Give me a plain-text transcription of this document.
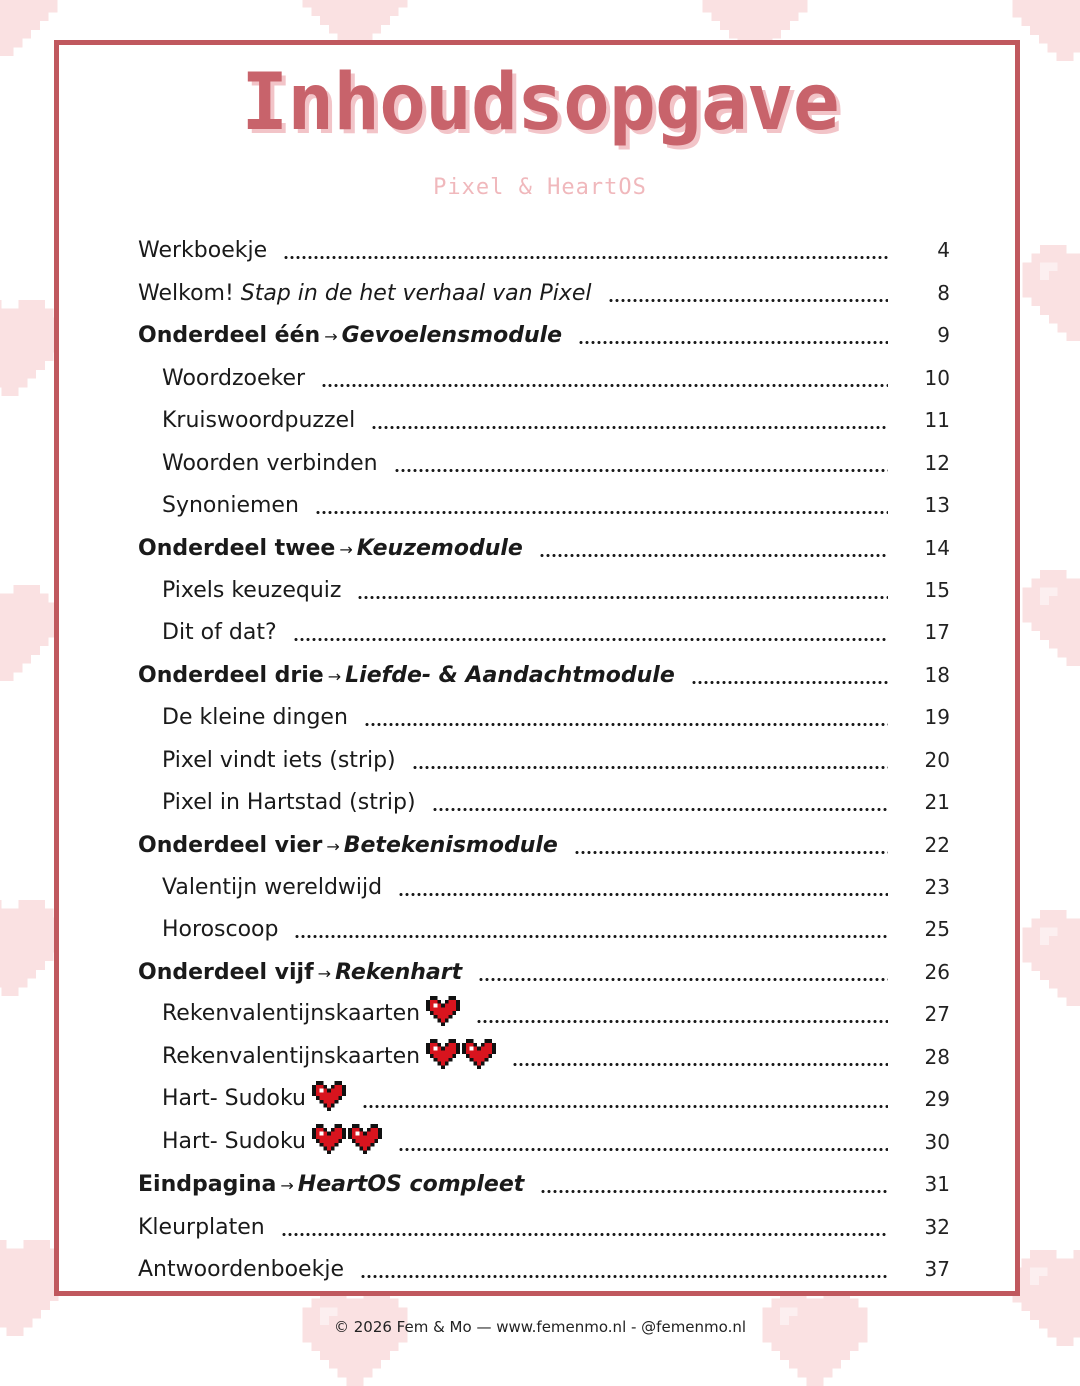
Inhoudsopgave
Pixel & HeartOS
Werkboekje	4
Welkom! Stap in de het verhaal van Pixel	8
Onderdeel één → Gevoelensmodule	9
Woordzoeker	10
Kruiswoordpuzzel	11
Woorden verbinden	12
Synoniemen	13
Onderdeel twee → Keuzemodule	14
Pixels keuzequiz	15
Dit of dat?	17
Onderdeel drie → Liefde- & Aandachtmodule	18
De kleine dingen	19
Pixel vindt iets (strip)	20
Pixel in Hartstad (strip)	21
Onderdeel vier → Betekenismodule	22
Valentijn wereldwijd	23
Horoscoop	25
Onderdeel vijf → Rekenhart	26
Rekenvalentijnskaarten	27
Rekenvalentijnskaarten	28
Hart- Sudoku	29
Hart- Sudoku	30
Eindpagina → HeartOS compleet	31
Kleurplaten	32
Antwoordenboekje	37
© 2026 Fem & Mo — www.femenmo.nl - @femenmo.nl
